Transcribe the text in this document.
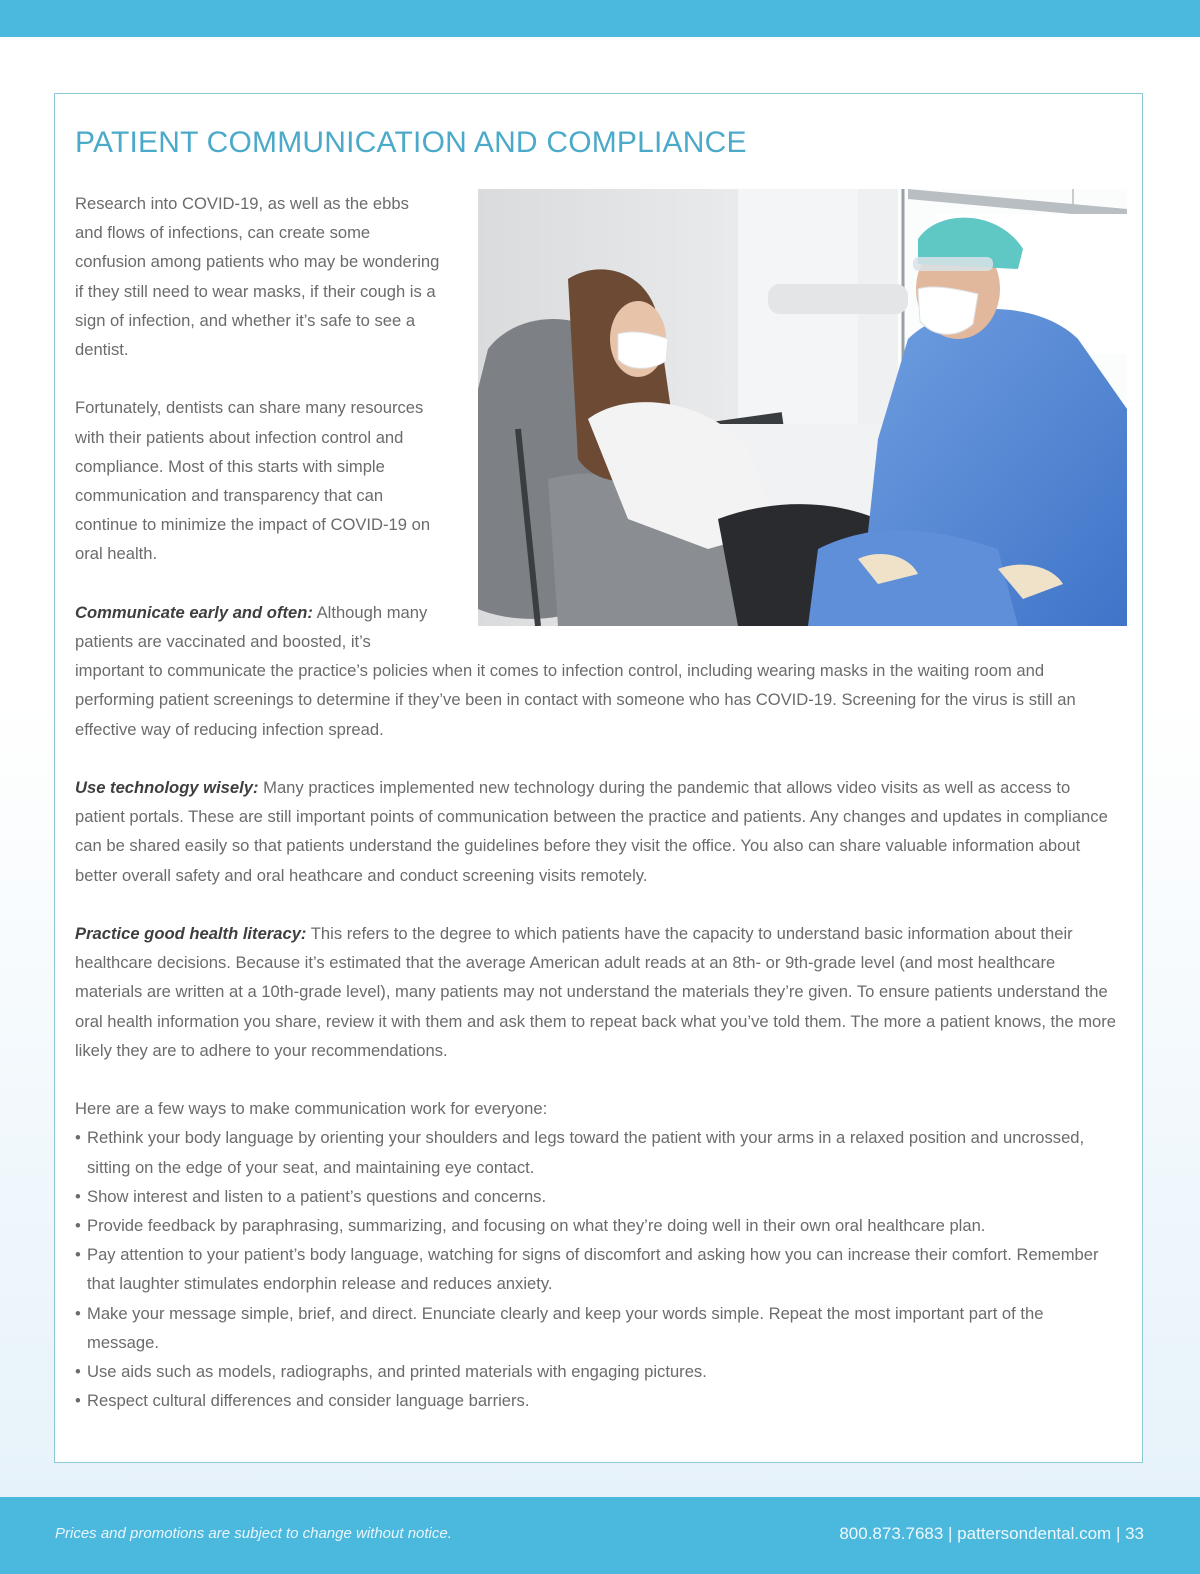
PATIENT COMMUNICATION AND COMPLIANCE

Research into COVID-19, as well as the ebbs and flows of infections, can create some confusion among patients who may be wondering if they still need to wear masks, if their cough is a sign of infection, and whether it’s safe to see a dentist.

Fortunately, dentists can share many resources with their patients about infection control and compliance. Most of this starts with simple communication and transparency that can continue to minimize the impact of COVID-19 on oral health.

Communicate early and often: Although many patients are vaccinated and boosted, it’s important to communicate the practice’s policies when it comes to infection control, including wearing masks in the waiting room and performing patient screenings to determine if they’ve been in contact with someone who has COVID-19. Screening for the virus is still an effective way of reducing infection spread.

Use technology wisely: Many practices implemented new technology during the pandemic that allows video visits as well as access to patient portals. These are still important points of communication between the practice and patients. Any changes and updates in compliance can be shared easily so that patients understand the guidelines before they visit the office. You also can share valuable information about better overall safety and oral heathcare and conduct screening visits remotely.

Practice good health literacy: This refers to the degree to which patients have the capacity to understand basic information about their healthcare decisions. Because it’s estimated that the average American adult reads at an 8th- or 9th-grade level (and most healthcare materials are written at a 10th-grade level), many patients may not understand the materials they’re given. To ensure patients understand the oral health information you share, review it with them and ask them to repeat back what you’ve told them. The more a patient knows, the more likely they are to adhere to your recommendations.

Here are a few ways to make communication work for everyone:

• Rethink your body language by orienting your shoulders and legs toward the patient with your arms in a relaxed position and uncrossed, sitting on the edge of your seat, and maintaining eye contact.
• Show interest and listen to a patient’s questions and concerns.
• Provide feedback by paraphrasing, summarizing, and focusing on what they’re doing well in their own oral healthcare plan.
• Pay attention to your patient’s body language, watching for signs of discomfort and asking how you can increase their comfort. Remember that laughter stimulates endorphin release and reduces anxiety.
• Make your message simple, brief, and direct. Enunciate clearly and keep your words simple. Repeat the most important part of the message.
• Use aids such as models, radiographs, and printed materials with engaging pictures.
• Respect cultural differences and consider language barriers.
Prices and promotions are subject to change without notice.	800.873.7683 | pattersondental.com | 33
